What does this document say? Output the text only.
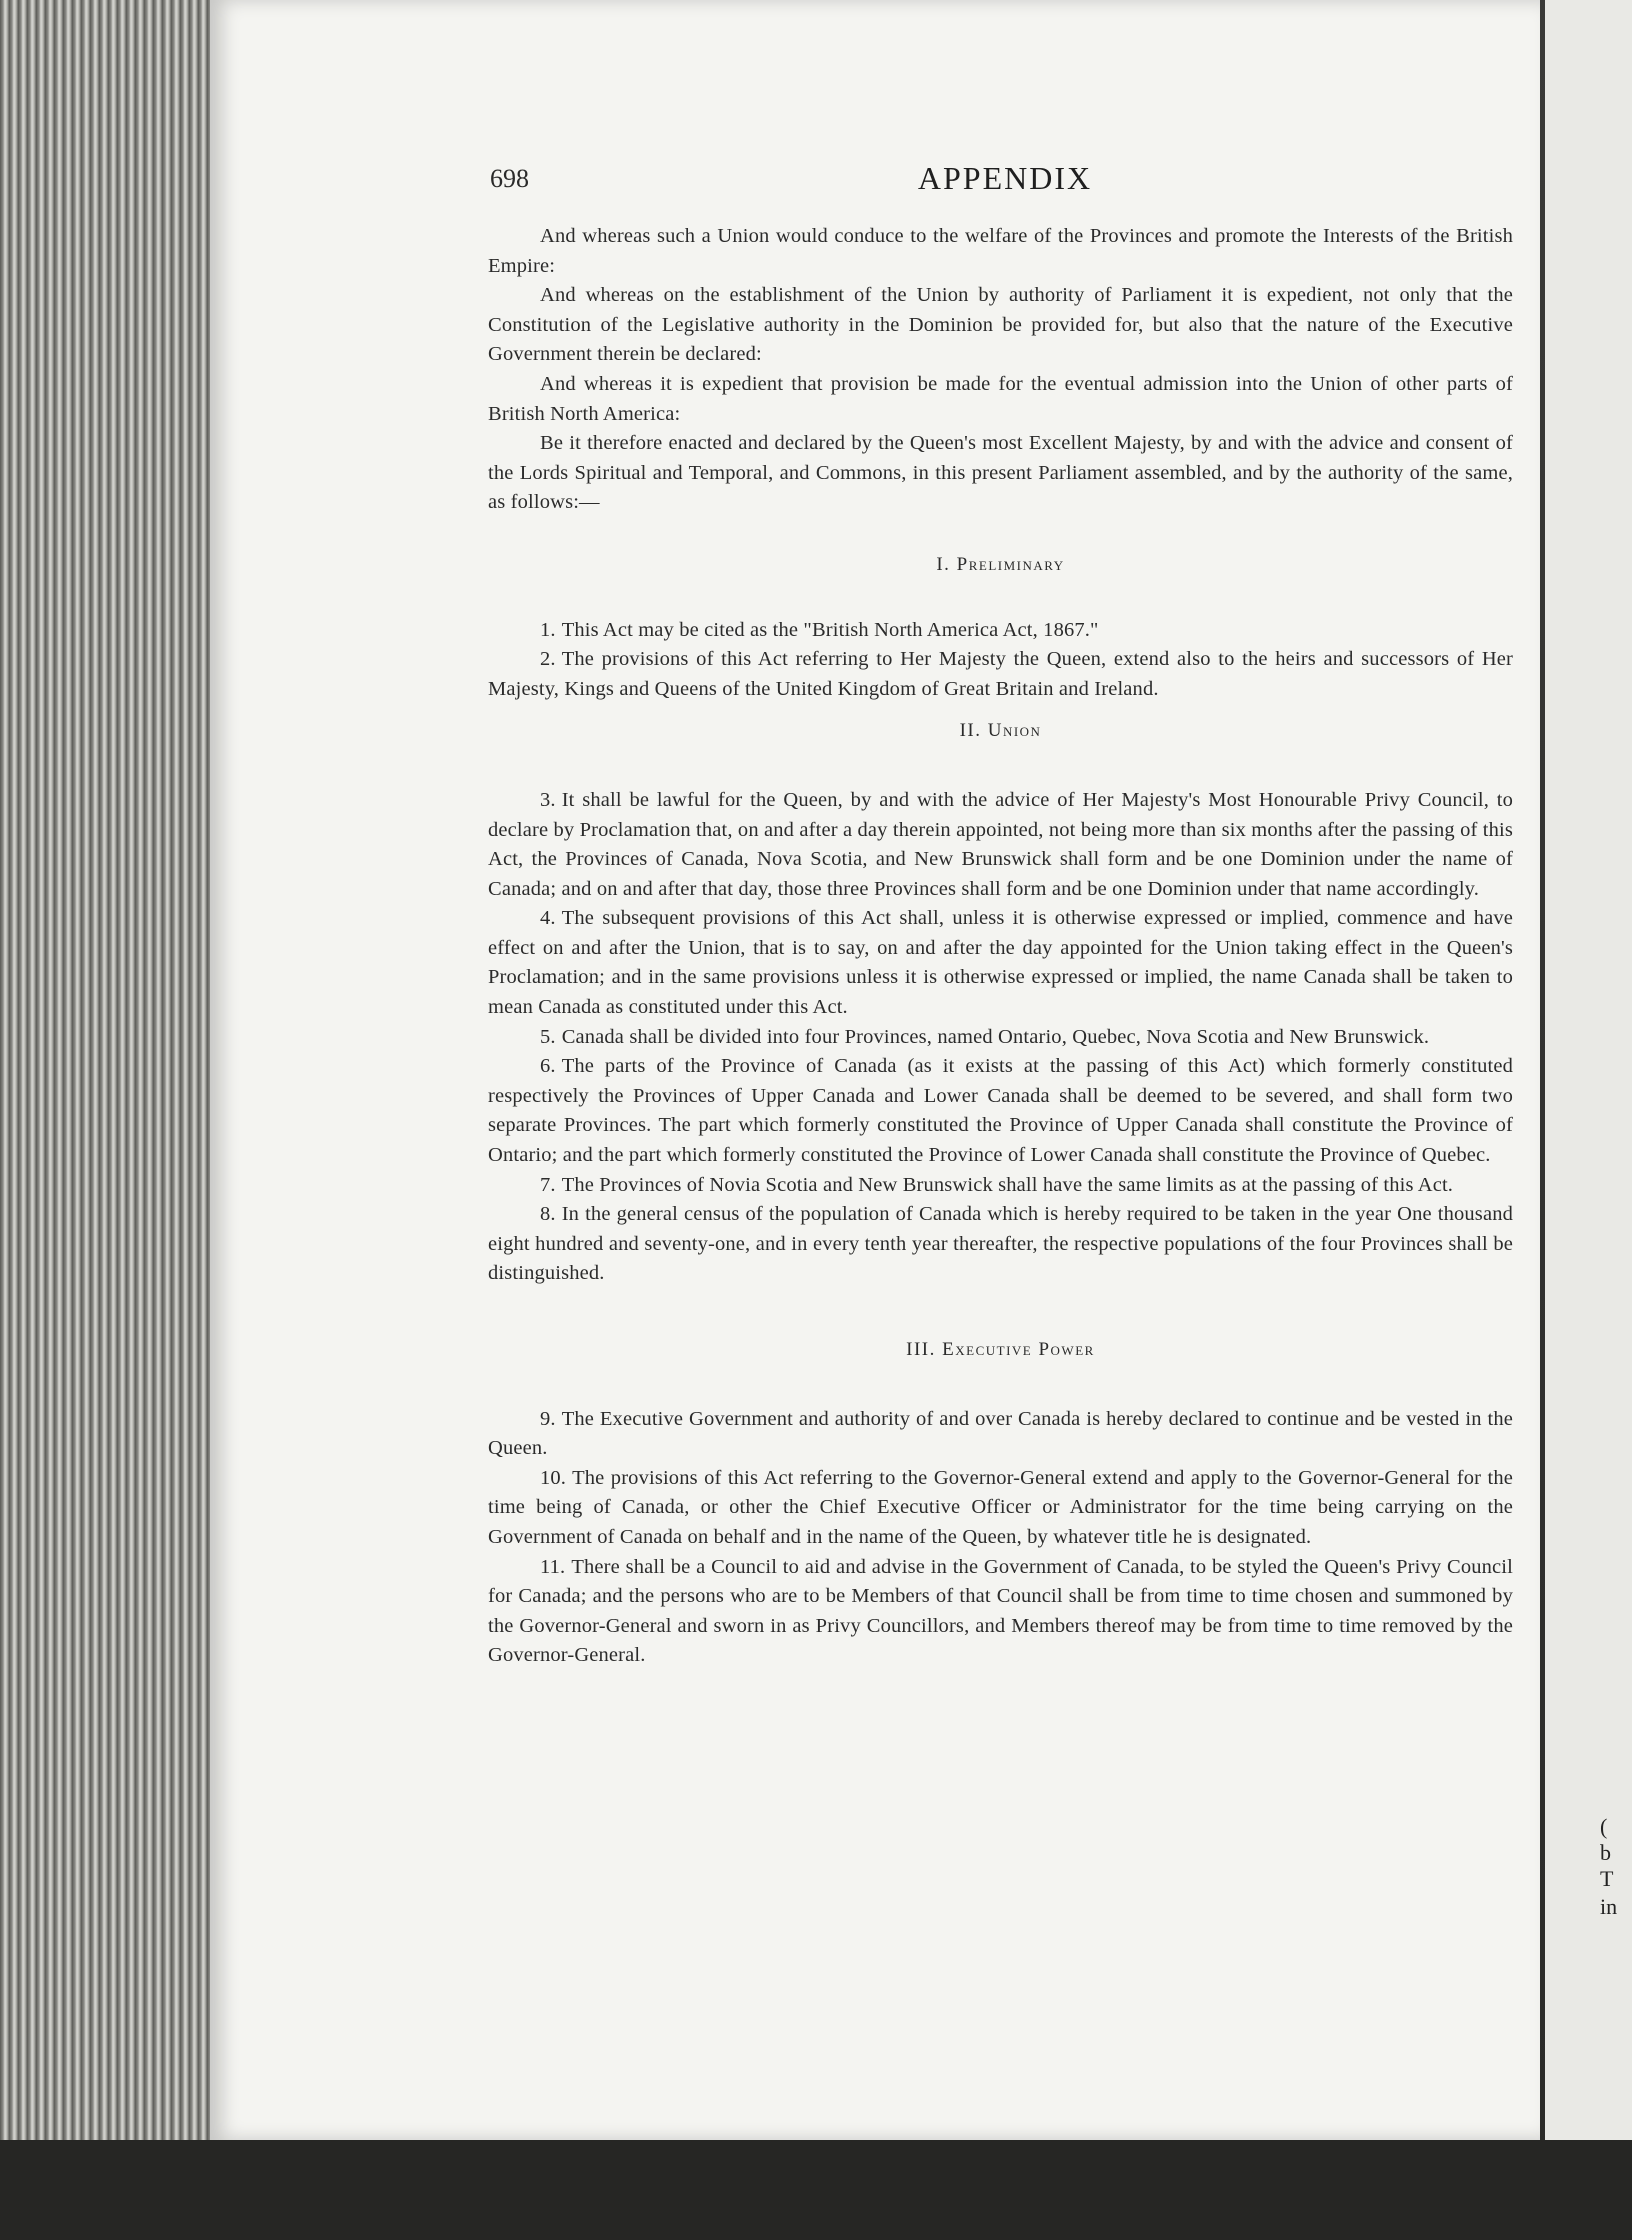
(
b
T
in
698	APPENDIX

And whereas such a Union would conduce to the welfare of the Provinces and promote the Interests of the British Empire:

And whereas on the establishment of the Union by authority of Parliament it is expedient, not only that the Constitution of the Legislative authority in the Dominion be provided for, but also that the nature of the Executive Government therein be declared:

And whereas it is expedient that provision be made for the eventual admission into the Union of other parts of British North America:

Be it therefore enacted and declared by the Queen's most Excellent Majesty, by and with the advice and consent of the Lords Spiritual and Temporal, and Commons, in this present Parliament assembled, and by the authority of the same, as follows:—

I. Preliminary

1. This Act may be cited as the "British North America Act, 1867."

2. The provisions of this Act referring to Her Majesty the Queen, extend also to the heirs and successors of Her Majesty, Kings and Queens of the United Kingdom of Great Britain and Ireland.

II. Union

3. It shall be lawful for the Queen, by and with the advice of Her Majesty's Most Honourable Privy Council, to declare by Proclamation that, on and after a day therein appointed, not being more than six months after the passing of this Act, the Provinces of Canada, Nova Scotia, and New Brunswick shall form and be one Dominion under the name of Canada; and on and after that day, those three Provinces shall form and be one Dominion under that name accordingly.

4. The subsequent provisions of this Act shall, unless it is otherwise expressed or implied, commence and have effect on and after the Union, that is to say, on and after the day appointed for the Union taking effect in the Queen's Proclamation; and in the same provisions unless it is otherwise expressed or implied, the name Canada shall be taken to mean Canada as constituted under this Act.

5. Canada shall be divided into four Provinces, named Ontario, Quebec, Nova Scotia and New Brunswick.

6. The parts of the Province of Canada (as it exists at the passing of this Act) which formerly constituted respectively the Provinces of Upper Canada and Lower Canada shall be deemed to be severed, and shall form two separate Provinces. The part which formerly constituted the Province of Upper Canada shall constitute the Province of Ontario; and the part which formerly constituted the Province of Lower Canada shall constitute the Province of Quebec.

7. The Provinces of Novia Scotia and New Brunswick shall have the same limits as at the passing of this Act.

8. In the general census of the population of Canada which is hereby required to be taken in the year One thousand eight hundred and seventy-one, and in every tenth year thereafter, the respective populations of the four Provinces shall be distinguished.

III. Executive Power

9. The Executive Government and authority of and over Canada is hereby declared to continue and be vested in the Queen.

10. The provisions of this Act referring to the Governor-General extend and apply to the Governor-General for the time being of Canada, or other the Chief Executive Officer or Administrator for the time being carrying on the Government of Canada on behalf and in the name of the Queen, by whatever title he is designated.

11. There shall be a Council to aid and advise in the Government of Canada, to be styled the Queen's Privy Council for Canada; and the persons who are to be Members of that Council shall be from time to time chosen and summoned by the Governor-General and sworn in as Privy Councillors, and Members thereof may be from time to time removed by the Governor-General.
